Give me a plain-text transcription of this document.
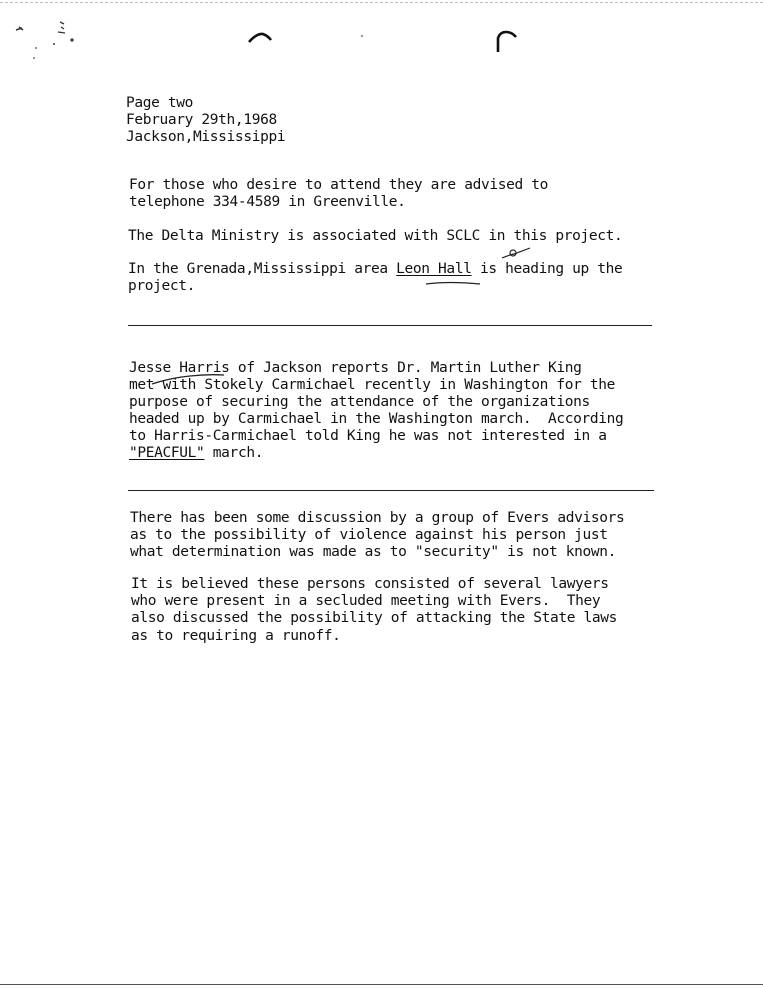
Page two
February 29th,1968
Jackson,Mississippi
For those who desire to attend they are advised to
telephone 334-4589 in Greenville.
The Delta Ministry is associated with SCLC in this project.
In the Grenada,Mississippi area Leon Hall is heading up the
project.
Jesse Harris of Jackson reports Dr. Martin Luther King
met with Stokely Carmichael recently in Washington for the
purpose of securing the attendance of the organizations
headed up by Carmichael in the Washington march.  According
to Harris-Carmichael told King he was not interested in a
"PEACFUL" march.
There has been some discussion by a group of Evers advisors
as to the possibility of violence against his person just
what determination was made as to "security" is not known.
It is believed these persons consisted of several lawyers
who were present in a secluded meeting with Evers.  They
also discussed the possibility of attacking the State laws
as to requiring a runoff.
